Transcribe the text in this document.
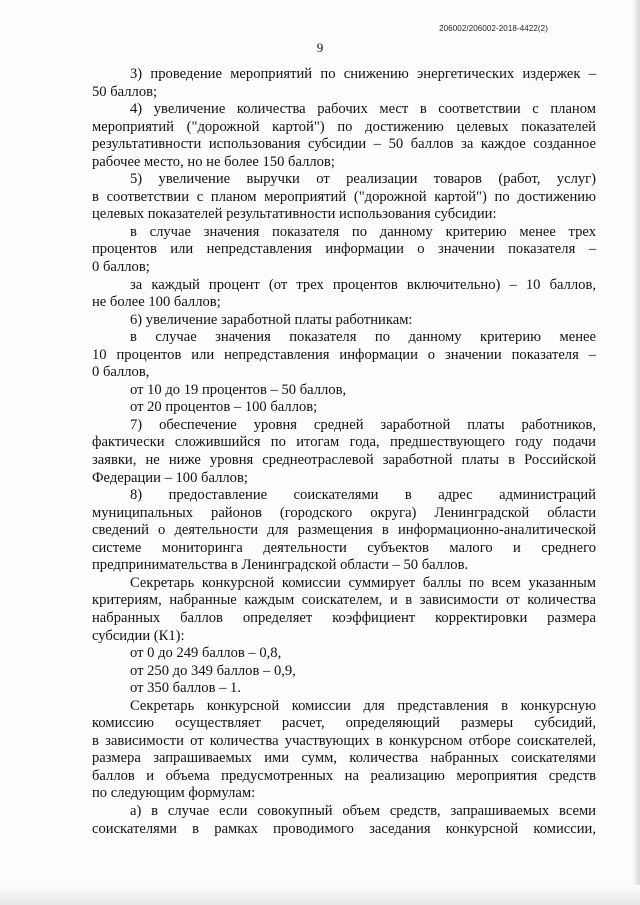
206002/206002-2018-4422(2)
9
3) проведение мероприятий по снижению энергетических издержек –
50 баллов;
4) увеличение количества рабочих мест в соответствии с планом
мероприятий ("дорожной картой") по достижению целевых показателей
результативности использования субсидии – 50 баллов за каждое созданное
рабочее место, но не более 150 баллов;
5) увеличение выручки от реализации товаров (работ, услуг)
в соответствии с планом мероприятий ("дорожной картой") по достижению
целевых показателей результативности использования субсидии:
в случае значения показателя по данному критерию менее трех
процентов или непредставления информации о значении показателя –
0 баллов;
за каждый процент (от трех процентов включительно) – 10 баллов,
не более 100 баллов;
6) увеличение заработной платы работникам:
в случае значения показателя по данному критерию менее
10 процентов или непредставления информации о значении показателя –
0 баллов,
от 10 до 19 процентов – 50 баллов,
от 20 процентов – 100 баллов;
7) обеспечение уровня средней заработной платы работников,
фактически сложившийся по итогам года, предшествующего году подачи
заявки, не ниже уровня среднеотраслевой заработной платы в Российской
Федерации – 100 баллов;
8) предоставление соискателями в адрес администраций
муниципальных районов (городского округа) Ленинградской области
сведений о деятельности для размещения в информационно-аналитической
системе мониторинга деятельности субъектов малого и среднего
предпринимательства в Ленинградской области – 50 баллов.
Секретарь конкурсной комиссии суммирует баллы по всем указанным
критериям, набранные каждым соискателем, и в зависимости от количества
набранных баллов определяет коэффициент корректировки размера
субсидии (К1):
от 0 до 249 баллов – 0,8,
от 250 до 349 баллов – 0,9,
от 350 баллов – 1.
Секретарь конкурсной комиссии для представления в конкурсную
комиссию осуществляет расчет, определяющий размеры субсидий,
в зависимости от количества участвующих в конкурсном отборе соискателей,
размера запрашиваемых ими сумм, количества набранных соискателями
баллов и объема предусмотренных на реализацию мероприятия средств
по следующим формулам:
а) в случае если совокупный объем средств, запрашиваемых всеми
соискателями в рамках проводимого заседания конкурсной комиссии,
